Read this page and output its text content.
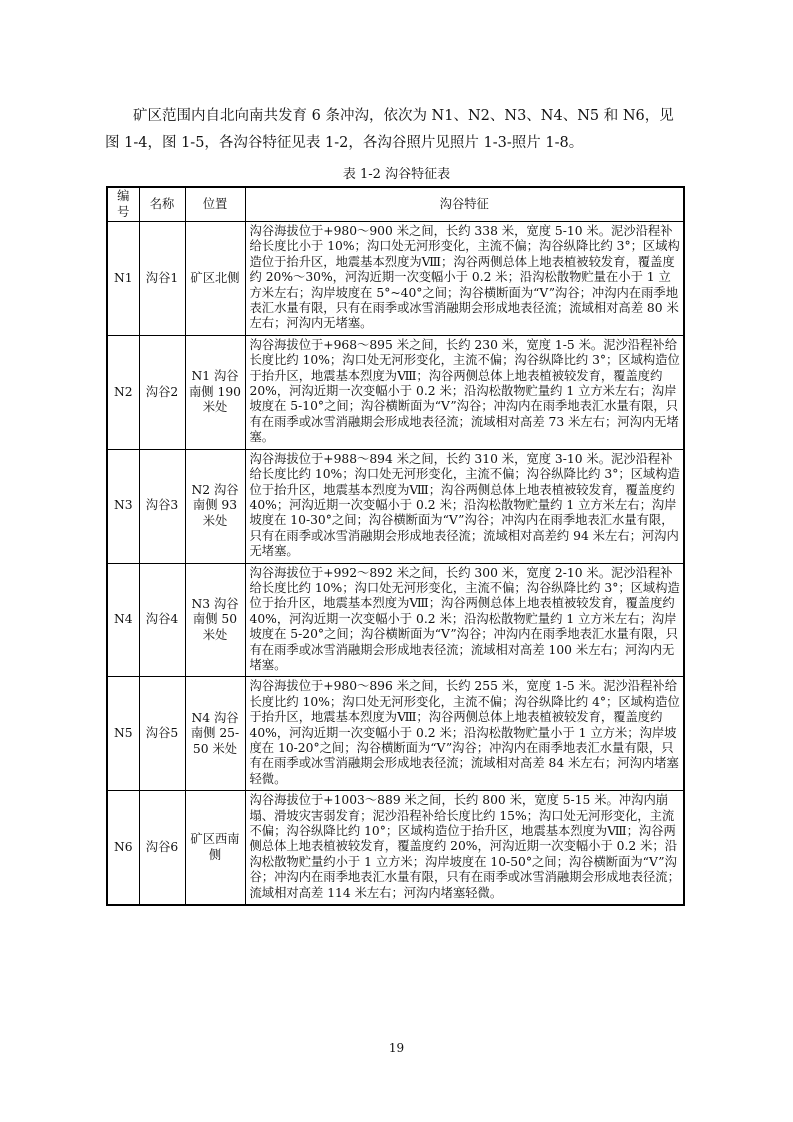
矿区范围内自北向南共发育 6 条冲沟，依次为 N1、N2、N3、N4、N5 和 N6，见图 1-4，图 1-5，各沟谷特征见表 1-2，各沟谷照片见照片 1-3-照片 1-8。

表 1-2 沟谷特征表
编号	名称	位置	沟谷特征
N1	沟谷1	矿区北侧	沟谷海拔位于+980～900 米之间，长约 338 米，宽度 5-10 米。泥沙沿程补给长度比小于 10%；沟口处无河形变化，主流不偏；沟谷纵降比约 3°；区域构造位于抬升区，地震基本烈度为Ⅷ；沟谷两侧总体上地表植被较发育，覆盖度约 20%～30%，河沟近期一次变幅小于 0.2 米；沿沟松散物贮量在小于 1 立方米左右；沟岸坡度在 5°~40°之间；沟谷横断面为“V”沟谷；冲沟内在雨季地表汇水量有限，只有在雨季或冰雪消融期会形成地表径流；流域相对高差 80 米左右；河沟内无堵塞。
N2	沟谷2	N1 沟谷南侧 190 米处	沟谷海拔位于+968～895 米之间，长约 230 米，宽度 1-5 米。泥沙沿程补给长度比约 10%；沟口处无河形变化，主流不偏；沟谷纵降比约 3°；区域构造位于抬升区，地震基本烈度为Ⅷ；沟谷两侧总体上地表植被较发育，覆盖度约 20%，河沟近期一次变幅小于 0.2 米；沿沟松散物贮量约 1 立方米左右；沟岸坡度在 5-10°之间；沟谷横断面为“V”沟谷；冲沟内在雨季地表汇水量有限，只有在雨季或冰雪消融期会形成地表径流；流域相对高差 73 米左右；河沟内无堵塞。
N3	沟谷3	N2 沟谷南侧 93 米处	沟谷海拔位于+988～894 米之间，长约 310 米，宽度 3-10 米。泥沙沿程补给长度比约 10%；沟口处无河形变化，主流不偏；沟谷纵降比约 3°；区域构造位于抬升区，地震基本烈度为Ⅷ；沟谷两侧总体上地表植被较发育，覆盖度约 40%；河沟近期一次变幅小于 0.2 米；沿沟松散物贮量约 1 立方米左右；沟岸坡度在 10-30°之间；沟谷横断面为“V”沟谷；冲沟内在雨季地表汇水量有限，只有在雨季或冰雪消融期会形成地表径流；流域相对高差约 94 米左右；河沟内无堵塞。
N4	沟谷4	N3 沟谷南侧 50 米处	沟谷海拔位于+992～892 米之间，长约 300 米，宽度 2-10 米。泥沙沿程补给长度比约 10%；沟口处无河形变化，主流不偏；沟谷纵降比约 3°；区域构造位于抬升区，地震基本烈度为Ⅷ；沟谷两侧总体上地表植被较发育，覆盖度约 40%，河沟近期一次变幅小于 0.2 米；沿沟松散物贮量约 1 立方米左右；沟岸坡度在 5-20°之间；沟谷横断面为“V”沟谷；冲沟内在雨季地表汇水量有限，只有在雨季或冰雪消融期会形成地表径流；流域相对高差 100 米左右；河沟内无堵塞。
N5	沟谷5	N4 沟谷南侧 25-50 米处	沟谷海拔位于+980～896 米之间，长约 255 米，宽度 1-5 米。泥沙沿程补给长度比约 10%；沟口处无河形变化，主流不偏；沟谷纵降比约 4°；区域构造位于抬升区，地震基本烈度为Ⅷ；沟谷两侧总体上地表植被较发育，覆盖度约 40%，河沟近期一次变幅小于 0.2 米；沿沟松散物贮量小于 1 立方米；沟岸坡度在 10-20°之间；沟谷横断面为“V”沟谷；冲沟内在雨季地表汇水量有限，只有在雨季或冰雪消融期会形成地表径流；流域相对高差 84 米左右；河沟内堵塞轻微。
N6	沟谷6	矿区西南侧	沟谷海拔位于+1003～889 米之间，长约 800 米，宽度 5-15 米。冲沟内崩塌、滑坡灾害弱发育；泥沙沿程补给长度比约 15%；沟口处无河形变化，主流不偏；沟谷纵降比约 10°；区域构造位于抬升区，地震基本烈度为Ⅷ；沟谷两侧总体上地表植被较发育，覆盖度约 20%，河沟近期一次变幅小于 0.2 米；沿沟松散物贮量约小于 1 立方米；沟岸坡度在 10-50°之间；沟谷横断面为“V”沟谷；冲沟内在雨季地表汇水量有限，只有在雨季或冰雪消融期会形成地表径流；流域相对高差 114 米左右；河沟内堵塞轻微。
19
